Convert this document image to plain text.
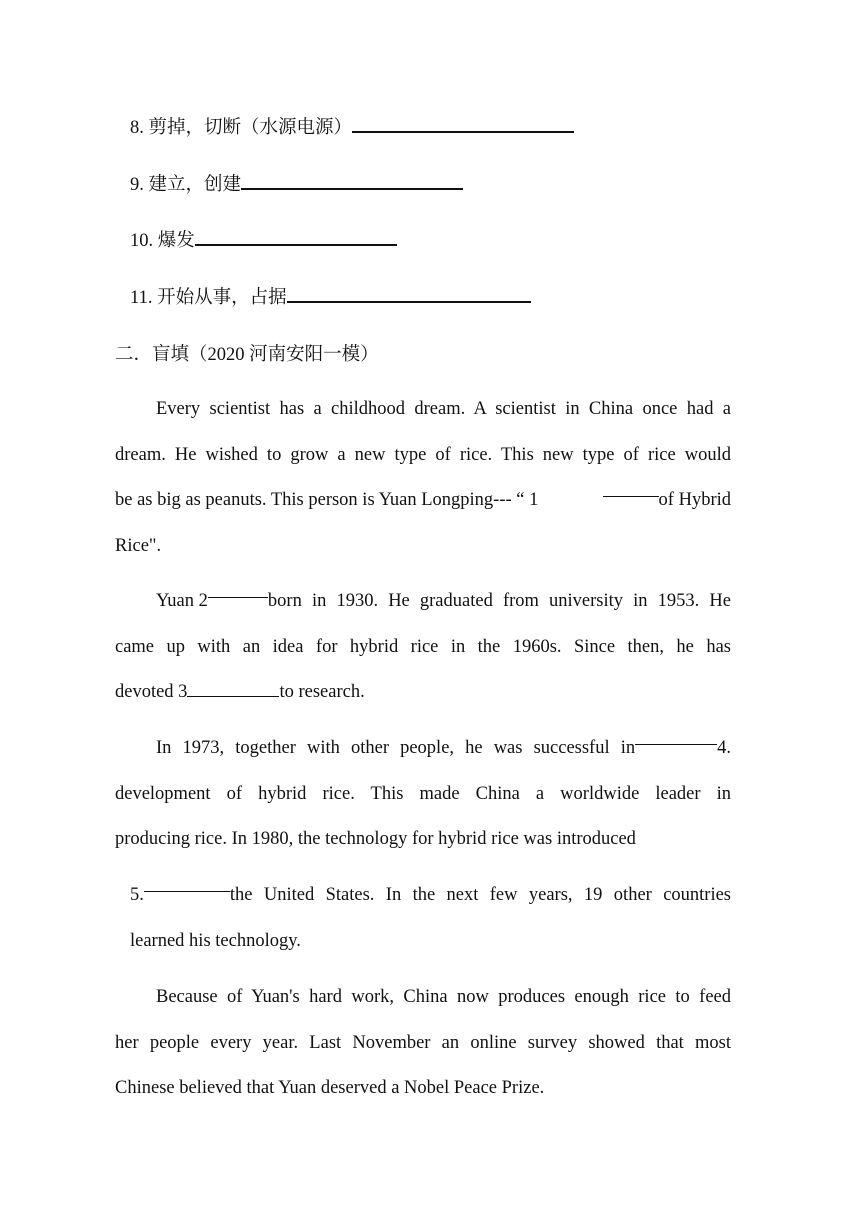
8. 剪掉，切断（水源电源）
9. 建立，创建
10. 爆发
11. 开始从事，占据
二．盲填（2020 河南安阳一模）
Every scientist has a childhood dream. A scientist in China once had a
dream. He wished to grow a new type of rice. This new type of rice would
be as big as peanuts. This person is Yuan Longping--- “ 1	of Hybrid
Rice".
Yuan 2	born in 1930. He graduated from university in 1953. He
came up with an idea for hybrid rice in the 1960s. Since then, he has
devoted 3	to research.
In 1973, together with other people, he was successful in	4.
development of hybrid rice. This made China a worldwide leader in
producing rice. In 1980, the technology for hybrid rice was introduced
5.	the United States. In the next few years, 19 other countries
learned his technology.
Because of Yuan's hard work, China now produces enough rice to feed
her people every year. Last November an online survey showed that most
Chinese believed that Yuan deserved a Nobel Peace Prize.
